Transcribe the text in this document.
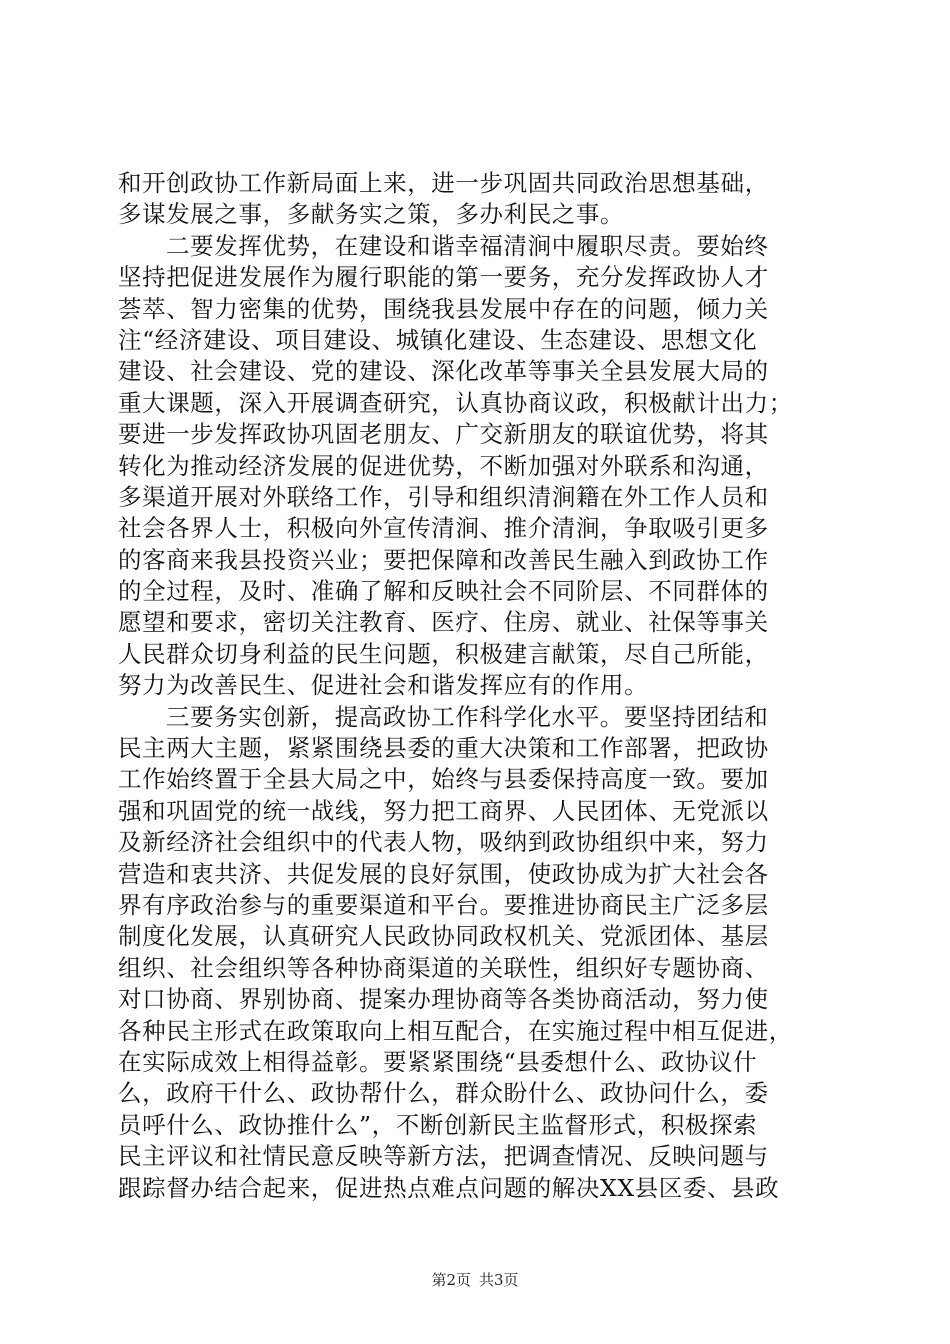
和开创政协工作新局面上来，进一步巩固共同政治思想基础，
多谋发展之事，多献务实之策，多办利民之事。
二要发挥优势，在建设和谐幸福清涧中履职尽责。要始终
坚持把促进发展作为履行职能的第一要务，充分发挥政协人才
荟萃、智力密集的优势，围绕我县发展中存在的问题，倾力关
注“经济建设、项目建设、城镇化建设、生态建设、思想文化
建设、社会建设、党的建设、深化改革等事关全县发展大局的
重大课题，深入开展调查研究，认真协商议政，积极献计出力；
要进一步发挥政协巩固老朋友、广交新朋友的联谊优势，将其
转化为推动经济发展的促进优势，不断加强对外联系和沟通，
多渠道开展对外联络工作，引导和组织清涧籍在外工作人员和
社会各界人士，积极向外宣传清涧、推介清涧，争取吸引更多
的客商来我县投资兴业；要把保障和改善民生融入到政协工作
的全过程，及时、准确了解和反映社会不同阶层、不同群体的
愿望和要求，密切关注教育、医疗、住房、就业、社保等事关
人民群众切身利益的民生问题，积极建言献策，尽自己所能，
努力为改善民生、促进社会和谐发挥应有的作用。
三要务实创新，提高政协工作科学化水平。要坚持团结和
民主两大主题，紧紧围绕县委的重大决策和工作部署，把政协
工作始终置于全县大局之中，始终与县委保持高度一致。要加
强和巩固党的统一战线，努力把工商界、人民团体、无党派以
及新经济社会组织中的代表人物，吸纳到政协组织中来，努力
营造和衷共济、共促发展的良好氛围，使政协成为扩大社会各
界有序政治参与的重要渠道和平台。要推进协商民主广泛多层
制度化发展，认真研究人民政协同政权机关、党派团体、基层
组织、社会组织等各种协商渠道的关联性，组织好专题协商、
对口协商、界别协商、提案办理协商等各类协商活动，努力使
各种民主形式在政策取向上相互配合，在实施过程中相互促进，
在实际成效上相得益彰。要紧紧围绕“县委想什么、政协议什
么，政府干什么、政协帮什么，群众盼什么、政协问什么，委
员呼什么、政协推什么”，不断创新民主监督形式，积极探索
民主评议和社情民意反映等新方法，把调查情况、反映问题与
跟踪督办结合起来，促进热点难点问题的解决XX县区委、县政
第2页 共3页
